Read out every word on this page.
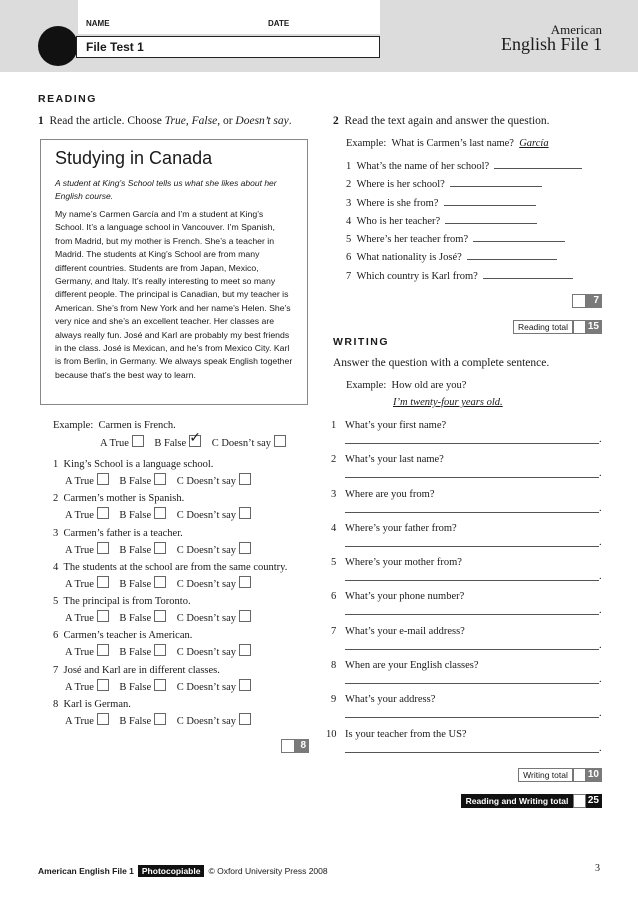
NAME	DATE
File Test 1
American
English File 1
READING
1 Read the article. Choose True, False, or Doesn’t say.
Studying in Canada
A student at King’s School tells us what she likes about her English course.
My name’s Carmen García and I’m a student at King’s School. It’s a language school in Vancouver. I’m Spanish, from Madrid, but my mother is French. She’s a teacher in Madrid. The students at King’s School are from many different countries. Students are from Japan, Mexico, Germany, and Italy. It’s really interesting to meet so many different people. The principal is Canadian, but my teacher is American. She’s from New York and her name’s Helen. She’s very nice and she’s an excellent teacher. Her classes are always really fun. José and Karl are probably my best friends in the class. José is Mexican, and he’s from Mexico City. Karl is from Berlin, in Germany. We always speak English together because that’s the best way to learn.
Example: Carmen is French.
A True B False ✓ C Doesn’t say
1 King’s School is a language school.
A True B False C Doesn’t say
2 Carmen’s mother is Spanish.
A True B False C Doesn’t say
3 Carmen’s father is a teacher.
A True B False C Doesn’t say
4 The students at the school are from the same country.
A True B False C Doesn’t say
5 The principal is from Toronto.
A True B False C Doesn’t say
6 Carmen’s teacher is American.
A True B False C Doesn’t say
7 José and Karl are in different classes.
A True B False C Doesn’t say
8 Karl is German.
A True B False C Doesn’t say
8
2 Read the text again and answer the question.
Example: What is Carmen’s last name? García
1 What’s the name of her school?
2 Where is her school?
3 Where is she from?
4 Who is her teacher?
5 Where’s her teacher from?
6 What nationality is José?
7 Which country is Karl from?
7
Reading total	15
WRITING
Answer the question with a complete sentence.
Example: How old are you?
I’m twenty-four years old.
1 What’s your first name?
.
2 What’s your last name?
.
3 Where are you from?
.
4 Where’s your father from?
.
5 Where’s your mother from?
.
6 What’s your phone number?
.
7 What’s your e-mail address?
.
8 When are your English classes?
.
9 What’s your address?
.
10 Is your teacher from the US?
.
Writing total	10
Reading and Writing total	25
American English File 1 Photocopiable © Oxford University Press 2008	3
